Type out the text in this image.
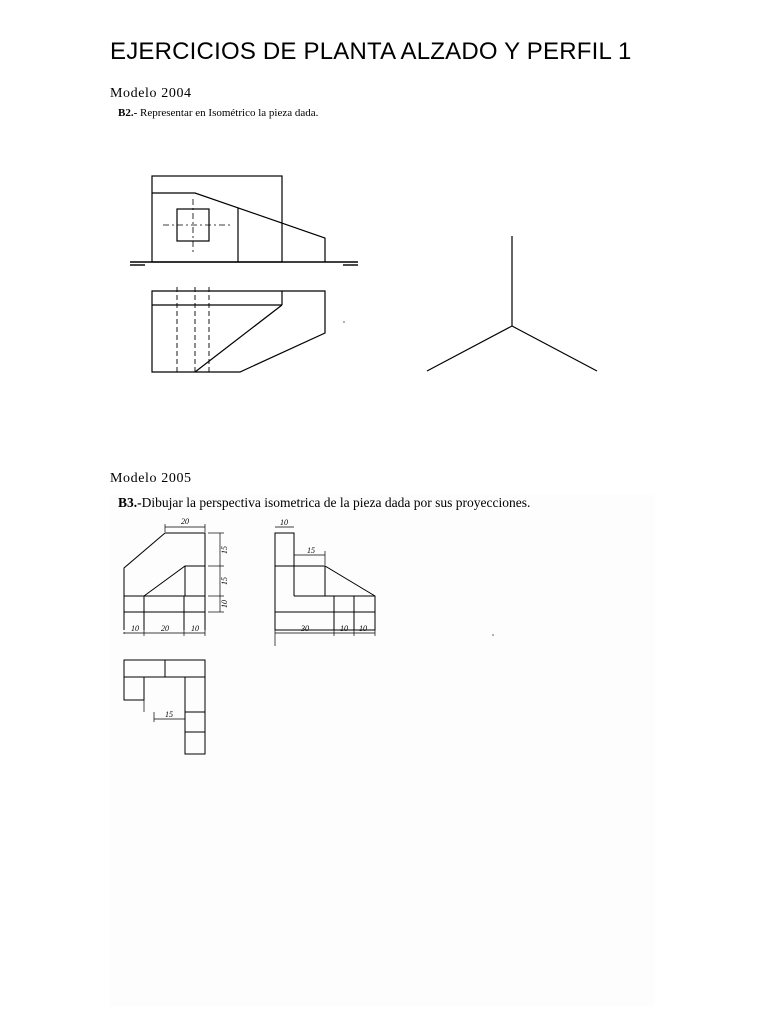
EJERCICIOS DE PLANTA ALZADO Y PERFIL 1
Modelo 2004
B2.- Representar en Isométrico la pieza dada.
Modelo 2005
B3.-Dibujar la perspectiva isometrica de la pieza dada por sus proyecciones.
20
15
15
10
10	20	10
10
15
30	10 10
15
